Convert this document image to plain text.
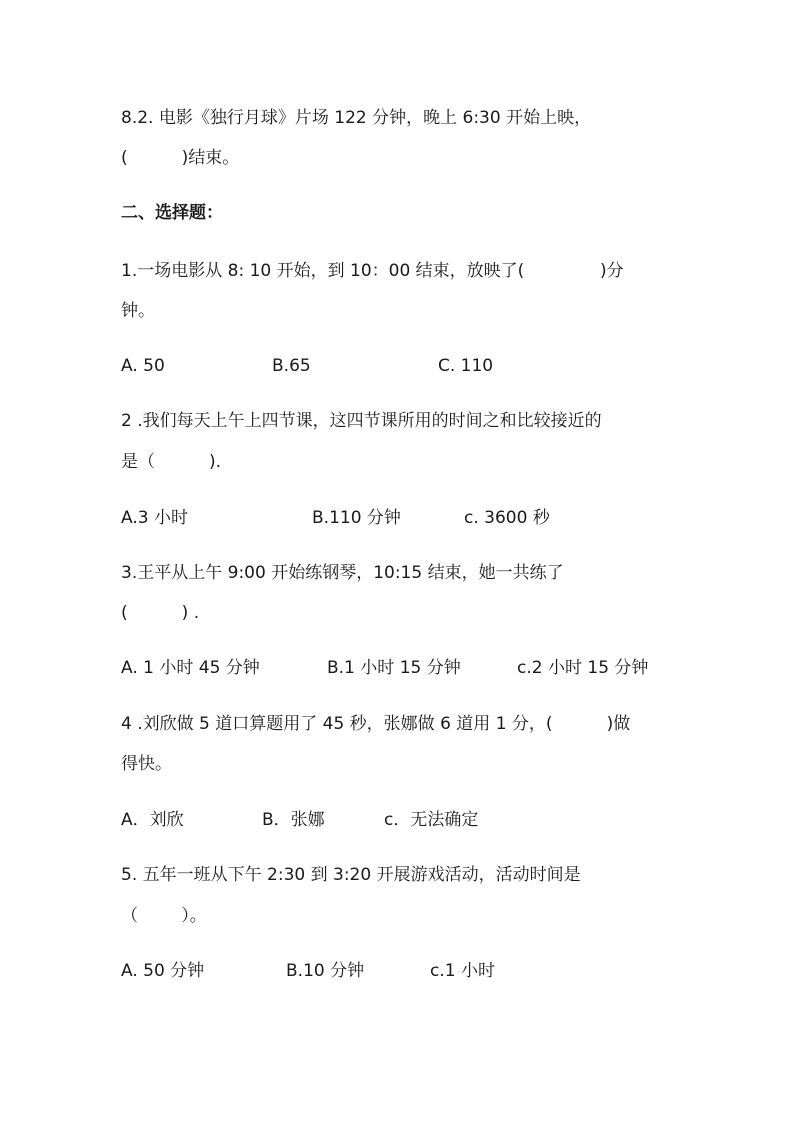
8.2. 电影《独行月球》片场 122 分钟，晚上 6:30 开始上映，
(          )结束。
二、选择题：
1.一场电影从 8: 10 开始，到 10：00 结束，放映了(              )分
钟。
A. 50	B.65	C. 110
2 .我们每天上午上四节课，这四节课所用的时间之和比较接近的
是（          ).
A.3 小时	B.110 分钟	c. 3600 秒
3.王平从上午 9:00 开始练钢琴，10:15 结束，她一共练了
(          ) .
A. 1 小时 45 分钟	B.1 小时 15 分钟	c.2 小时 15 分钟
4 .刘欣做 5 道口算题用了 45 秒，张娜做 6 道用 1 分，(          )做
得快。
A．刘欣	B．张娜	c．无法确定
5. 五年一班从下午 2:30 到 3:20 开展游戏活动，活动时间是
（        ）。
A. 50 分钟	B.10 分钟	c.1 小时
